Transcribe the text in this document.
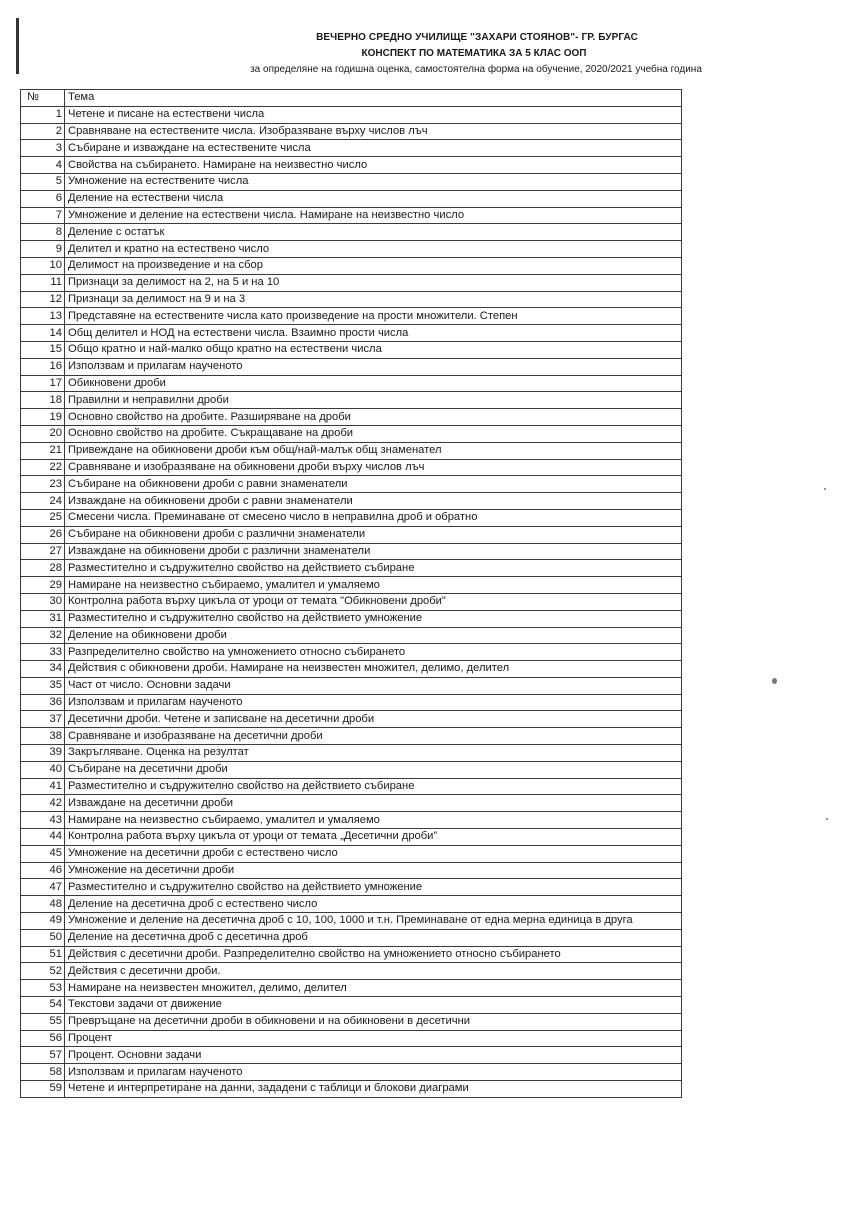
ВЕЧЕРНО СРЕДНО УЧИЛИЩЕ "ЗАХАРИ СТОЯНОВ"- ГР. БУРГАС
КОНСПЕКТ ПО МАТЕМАТИКА ЗА 5 КЛАС ООП
за определяне на годишна оценка, самостоятелна форма на обучение, 2020/2021 учебна година
№	Тема
1	Четене и писане на естествени числа
2	Сравняване на естествените числа. Изобразяване върху числов лъч
3	Събиране и изваждане на естествените числа
4	Свойства на събирането. Намиране на неизвестно число
5	Умножение на естествените числа
6	Деление на естествени числа
7	Умножение и деление на естествени числа. Намиране на неизвестно число
8	Деление с остатък
9	Делител и кратно на естествено число
10	Делимост на произведение и на сбор
11	Признаци за делимост на 2, на 5 и на 10
12	Признаци за делимост на 9 и на 3
13	Представяне на естествените числа като произведение на прости множители. Степен
14	Общ делител и НОД на естествени числа. Взаимно прости числа
15	Общо кратно и най-малко общо кратно на естествени числа
16	Използвам и прилагам наученото
17	Обикновени дроби
18	Правилни и неправилни дроби
19	Основно свойство на дробите. Разширяване на дроби
20	Основно свойство на дробите. Съкращаване на дроби
21	Привеждане на обикновени дроби към общ/най-малък общ знаменател
22	Сравняване и изобразяване на обикновени дроби върху числов лъч
23	Събиране на обикновени дроби с равни знаменатели
24	Изваждане на обикновени дроби с равни знаменатели
25	Смесени числа. Преминаване от смесено число в неправилна дроб и обратно
26	Събиране на обикновени дроби с различни знаменатели
27	Изваждане на обикновени дроби с различни знаменатели
28	Разместително и съдружително свойство на действието събиране
29	Намиране на неизвестно събираемо, умалител и умаляемо
30	Контролна работа върху цикъла от уроци от темата "Обикновени дроби"
31	Разместително и съдружително свойство на действието умножение
32	Деление на обикновени дроби
33	Разпределително свойство на умножението относно събирането
34	Действия с обикновени дроби. Намиране на неизвестен множител, делимо, делител
35	Част от число. Основни задачи
36	Използвам и прилагам наученото
37	Десетични дроби. Четене и записване на десетични дроби
38	Сравняване и изобразяване на десетични дроби
39	Закръгляване. Оценка на резултат
40	Събиране на десетични дроби
41	Разместително и съдружително свойство на действието събиране
42	Изваждане на десетични дроби
43	Намиране на неизвестно събираемо, умалител и умаляемо
44	Контролна работа върху цикъла от уроци от темата „Десетични дроби”
45	Умножение на десетични дроби с естествено число
46	Умножение на десетични дроби
47	Разместително и съдружително свойство на действието умножение
48	Деление на десетична дроб с естествено число
49	Умножение и деление на десетична дроб с 10, 100, 1000 и т.н. Преминаване от една мерна единица в друга
50	Деление на десетична дроб с десетична дроб
51	Действия с десетични дроби. Разпределително свойство на умножението относно събирането
52	Действия с десетични дроби.
53	Намиране на неизвестен множител, делимо, делител
54	Текстови задачи от движение
55	Превръщане на десетични дроби в обикновени и на обикновени в десетични
56	Процент
57	Процент. Основни задачи
58	Използвам и прилагам наученото
59	Четене и интерпретиране на данни, зададени с таблици и блокови диаграми
